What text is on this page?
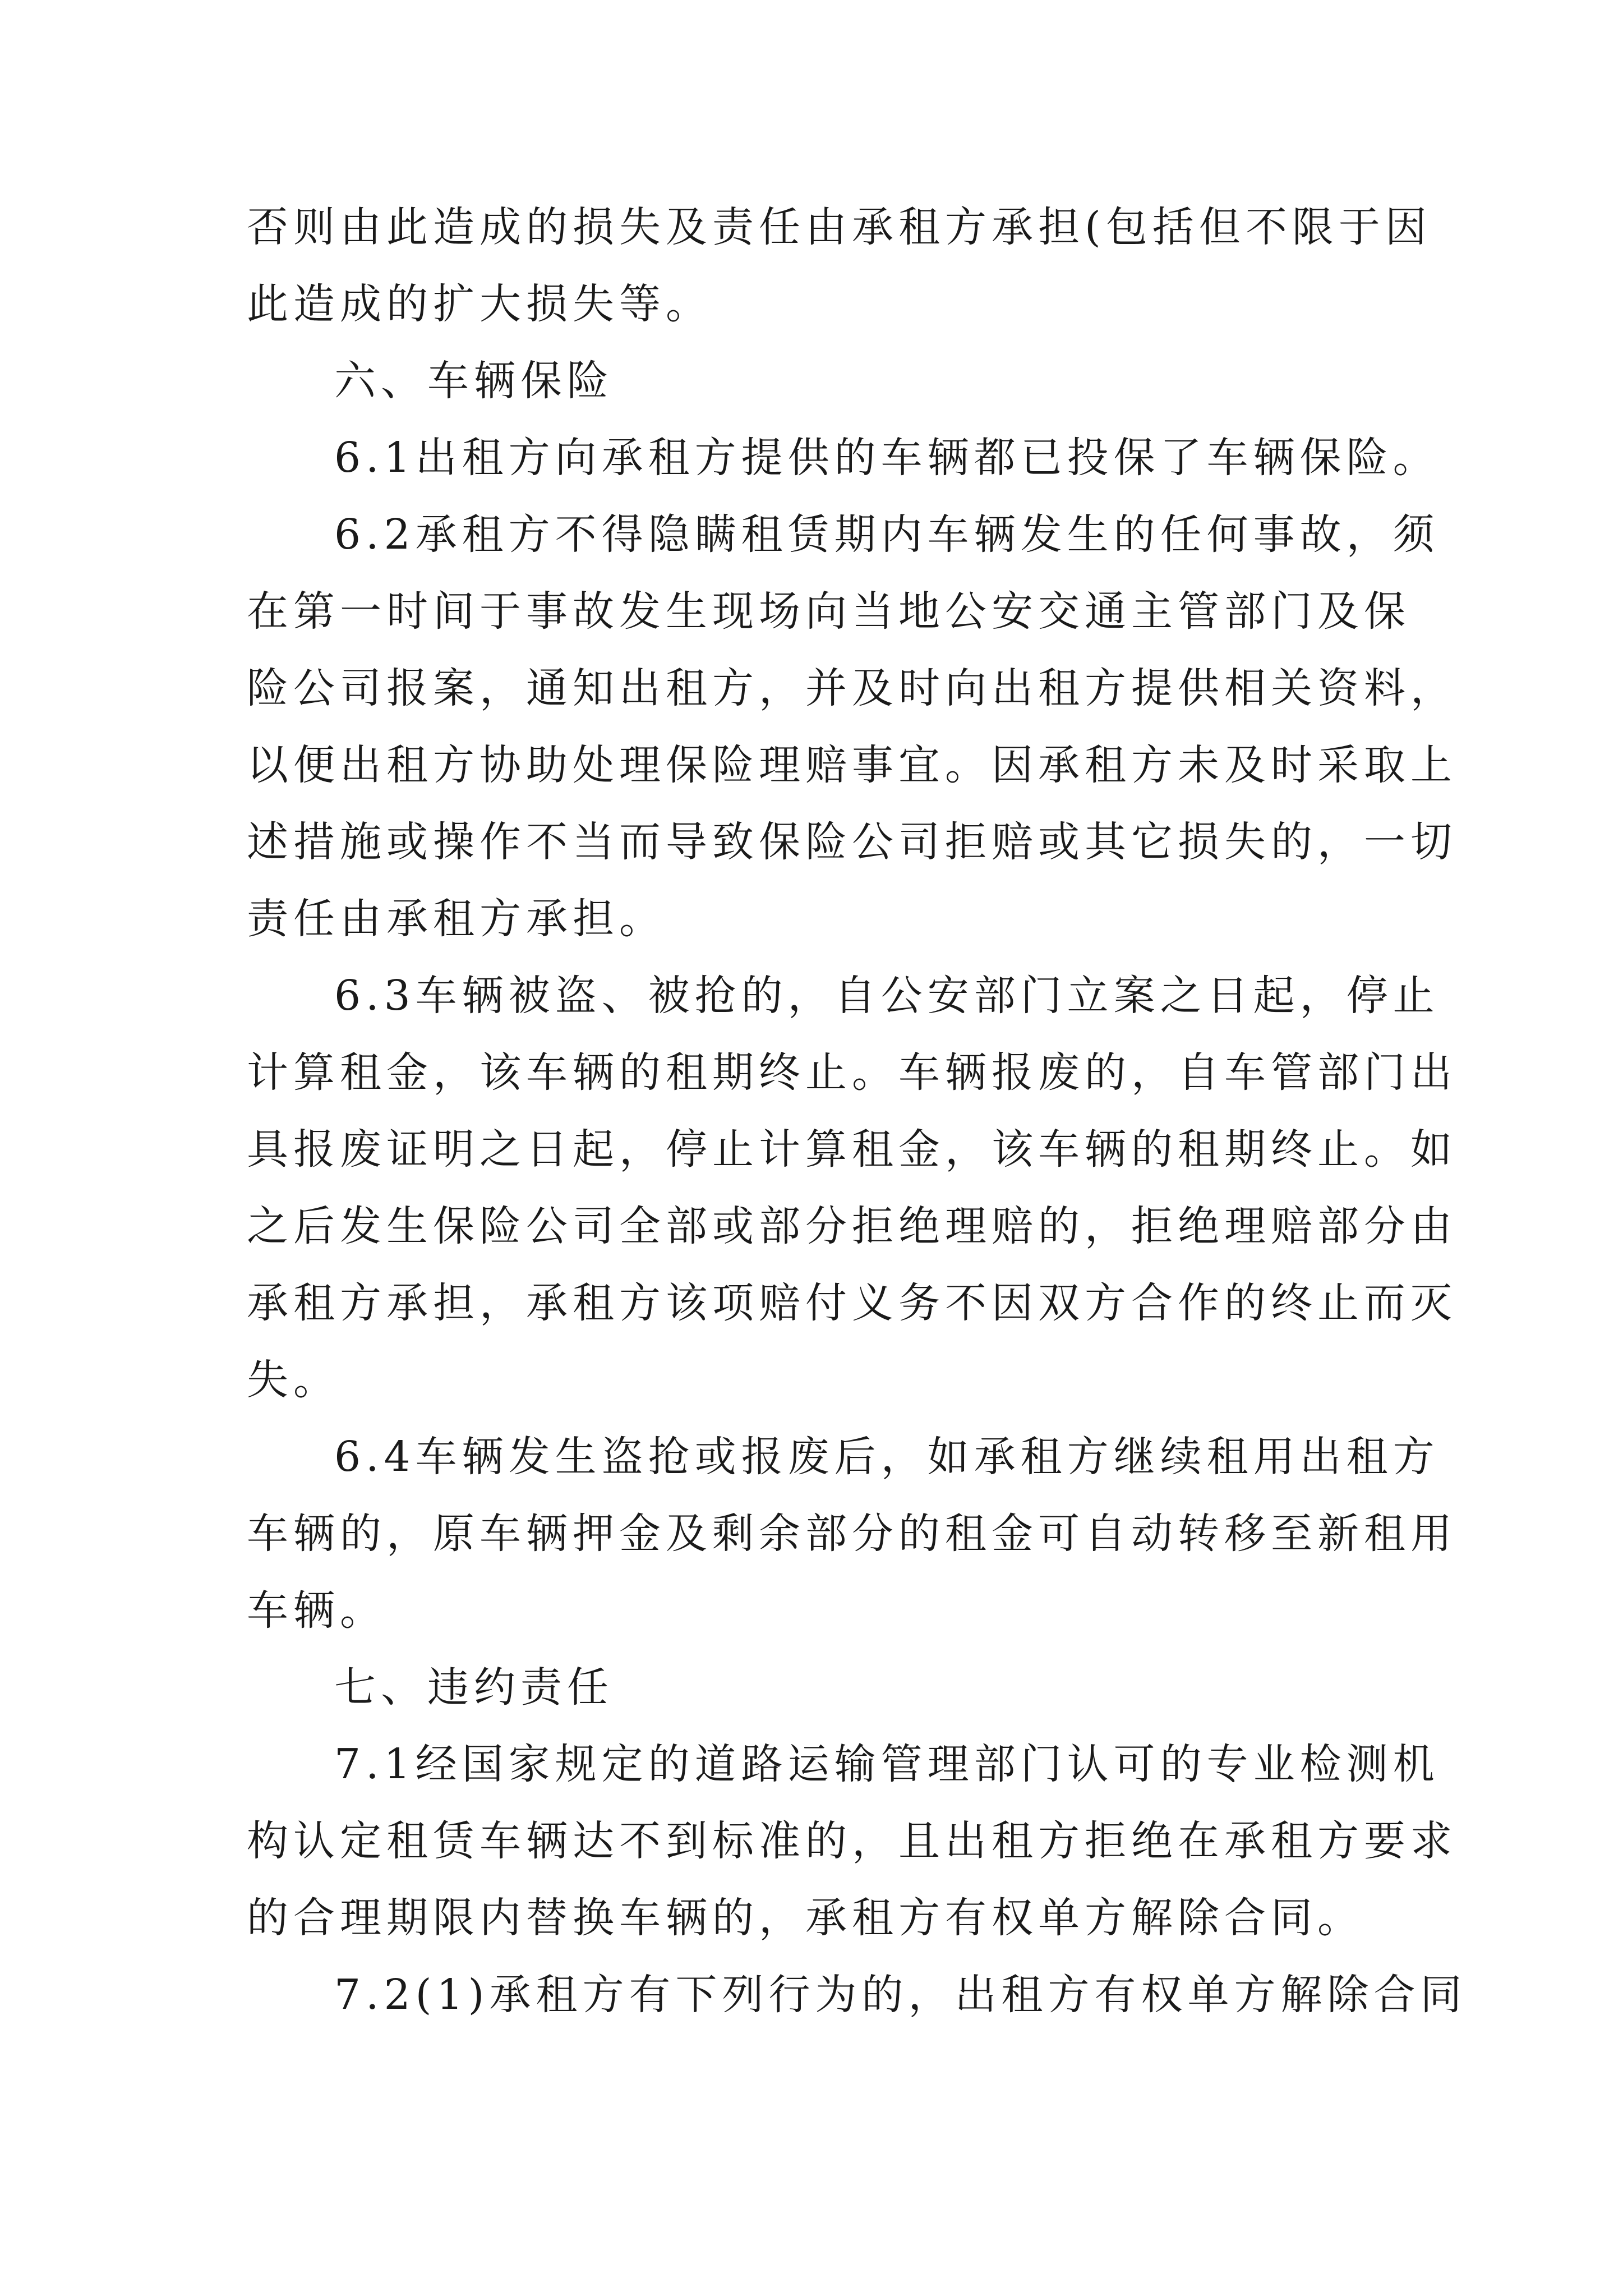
否则由此造成的损失及责任由承租方承担(包括但不限于因
此造成的扩大损失等。
六、车辆保险
6.1出租方向承租方提供的车辆都已投保了车辆保险。
6.2承租方不得隐瞒租赁期内车辆发生的任何事故，须
在第一时间于事故发生现场向当地公安交通主管部门及保
险公司报案，通知出租方，并及时向出租方提供相关资料，
以便出租方协助处理保险理赔事宜。因承租方未及时采取上
述措施或操作不当而导致保险公司拒赔或其它损失的，一切
责任由承租方承担。
6.3车辆被盗、被抢的，自公安部门立案之日起，停止
计算租金，该车辆的租期终止。车辆报废的，自车管部门出
具报废证明之日起，停止计算租金，该车辆的租期终止。如
之后发生保险公司全部或部分拒绝理赔的，拒绝理赔部分由
承租方承担，承租方该项赔付义务不因双方合作的终止而灭
失。
6.4车辆发生盗抢或报废后，如承租方继续租用出租方
车辆的，原车辆押金及剩余部分的租金可自动转移至新租用
车辆。
七、违约责任
7.1经国家规定的道路运输管理部门认可的专业检测机
构认定租赁车辆达不到标准的，且出租方拒绝在承租方要求
的合理期限内替换车辆的，承租方有权单方解除合同。
7.2(1)承租方有下列行为的，出租方有权单方解除合同
